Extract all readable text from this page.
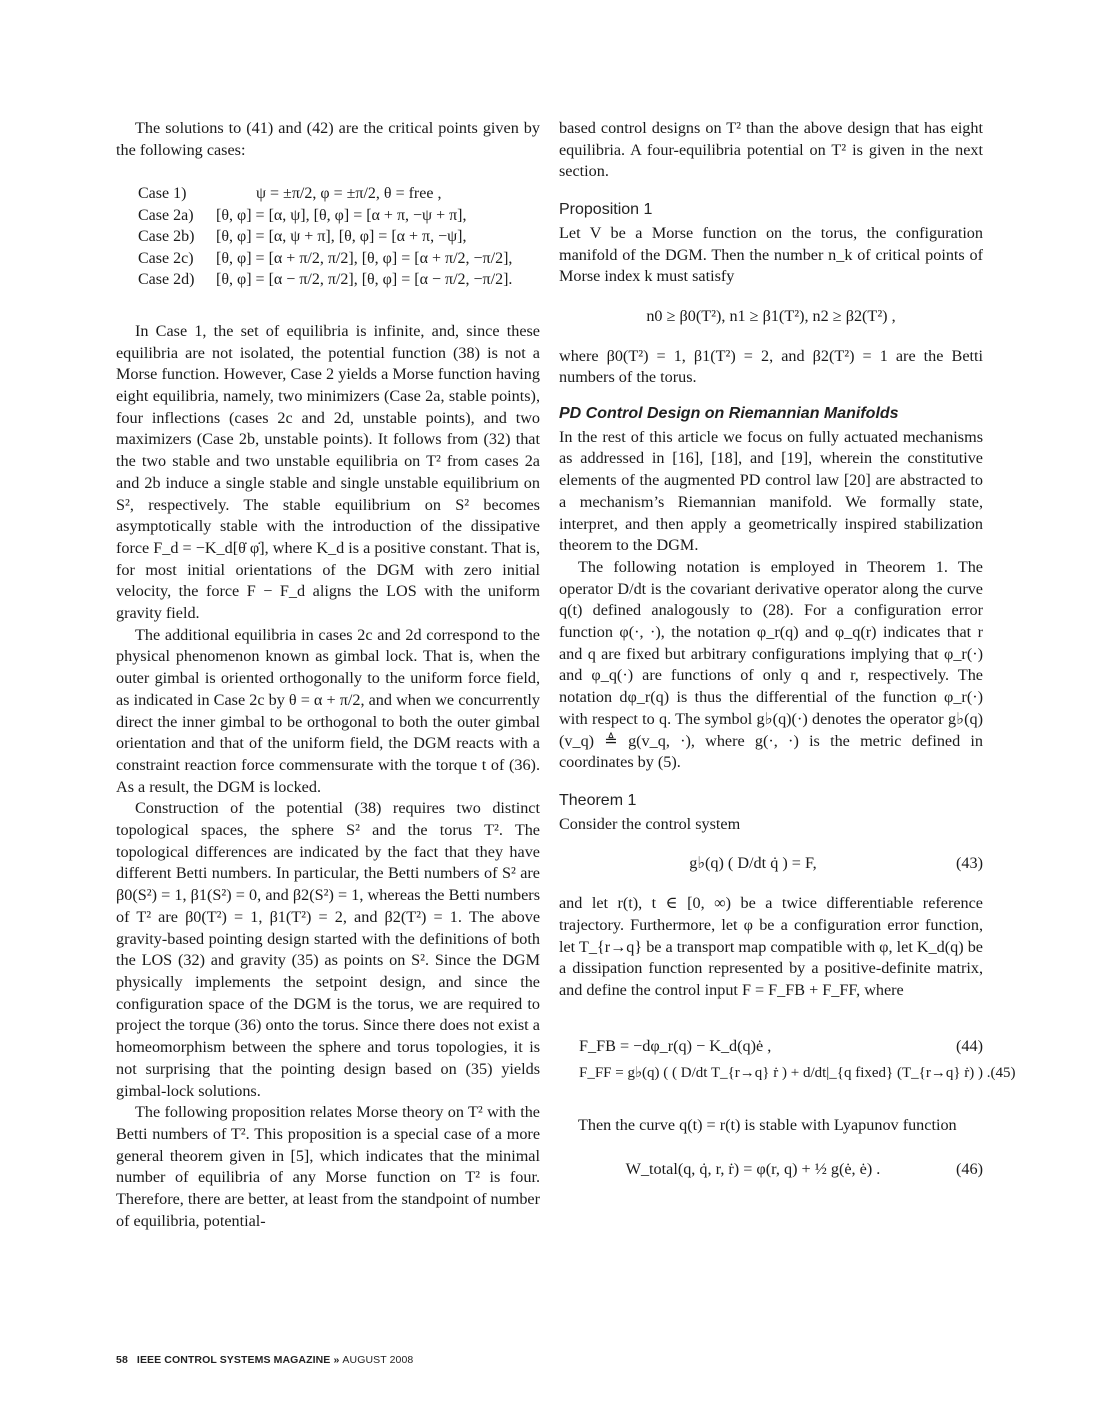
The solutions to (41) and (42) are the critical points given by the following cases:

Case 1)	ψ = ±π/2, φ = ±π/2, θ = free ,
Case 2a)	[θ, φ] = [α, ψ], [θ, φ] = [α + π, −ψ + π],
Case 2b)	[θ, φ] = [α, ψ + π], [θ, φ] = [α + π, −ψ],
Case 2c)	[θ, φ] = [α + π/2, π/2], [θ, φ] = [α + π/2, −π/2],
Case 2d)	[θ, φ] = [α − π/2, π/2], [θ, φ] = [α − π/2, −π/2].

In Case 1, the set of equilibria is infinite, and, since these equilibria are not isolated, the potential function (38) is not a Morse function. However, Case 2 yields a Morse function having eight equilibria, namely, two minimizers (Case 2a, stable points), four inflections (cases 2c and 2d, unstable points), and two maximizers (Case 2b, unstable points). It follows from (32) that the two stable and two unstable equilibria on T² from cases 2a and 2b induce a single stable and single unstable equilibrium on S², respectively. The stable equilibrium on S² becomes asymptotically stable with the introduction of the dissipative force F_d = −K_d[θ̇ φ̇], where K_d is a positive constant. That is, for most initial orientations of the DGM with zero initial velocity, the force F − F_d aligns the LOS with the uniform gravity field.

The additional equilibria in cases 2c and 2d correspond to the physical phenomenon known as gimbal lock. That is, when the outer gimbal is oriented orthogonally to the uniform force field, as indicated in Case 2c by θ = α + π/2, and when we concurrently direct the inner gimbal to be orthogonal to both the outer gimbal orientation and that of the uniform field, the DGM reacts with a constraint reaction force commensurate with the torque t of (36). As a result, the DGM is locked.

Construction of the potential (38) requires two distinct topological spaces, the sphere S² and the torus T². The topological differences are indicated by the fact that they have different Betti numbers. In particular, the Betti numbers of S² are β0(S²) = 1, β1(S²) = 0, and β2(S²) = 1, whereas the Betti numbers of T² are β0(T²) = 1, β1(T²) = 2, and β2(T²) = 1. The above gravity-based pointing design started with the definitions of both the LOS (32) and gravity (35) as points on S². Since the DGM physically implements the setpoint design, and since the configuration space of the DGM is the torus, we are required to project the torque (36) onto the torus. Since there does not exist a homeomorphism between the sphere and torus topologies, it is not surprising that the pointing design based on (35) yields gimbal-lock solutions.

The following proposition relates Morse theory on T² with the Betti numbers of T². This proposition is a special case of a more general theorem given in [5], which indicates that the minimal number of equilibria of any Morse function on T² is four. Therefore, there are better, at least from the standpoint of number of equilibria, potential-

based control designs on T² than the above design that has eight equilibria. A four-equilibria potential on T² is given in the next section.

Proposition 1

Let V be a Morse function on the torus, the configuration manifold of the DGM. Then the number n_k of critical points of Morse index k must satisfy

n0 ≥ β0(T²), n1 ≥ β1(T²), n2 ≥ β2(T²) ,

where β0(T²) = 1, β1(T²) = 2, and β2(T²) = 1 are the Betti numbers of the torus.

PD Control Design on Riemannian Manifolds

In the rest of this article we focus on fully actuated mechanisms as addressed in [16], [18], and [19], wherein the constitutive elements of the augmented PD control law [20] are abstracted to a mechanism’s Riemannian manifold. We formally state, interpret, and then apply a geometrically inspired stabilization theorem to the DGM.

The following notation is employed in Theorem 1. The operator D/dt is the covariant derivative operator along the curve q(t) defined analogously to (28). For a configuration error function φ(·, ·), the notation φ_r(q) and φ_q(r) indicates that r and q are fixed but arbitrary configurations implying that φ_r(·) and φ_q(·) are functions of only q and r, respectively. The notation dφ_r(q) is thus the differential of the function φ_r(·) with respect to q. The symbol g♭(q)(·) denotes the operator g♭(q)(v_q) ≜ g(v_q, ·), where g(·, ·) is the metric defined in coordinates by (5).

Theorem 1

Consider the control system

g♭(q) ( D/dt q̇ ) = F,	(43)

and let r(t), t ∈ [0, ∞) be a twice differentiable reference trajectory. Furthermore, let φ be a configuration error function, let T_{r→q} be a transport map compatible with φ, let K_d(q) be a dissipation function represented by a positive-definite matrix, and define the control input F = F_FB + F_FF, where

F_FB = −dφ_r(q) − K_d(q)ė ,	(44)
F_FF = g♭(q) ( ( D/dt T_{r→q} ṙ ) + d/dt|_{q fixed} (T_{r→q} ṙ) ) . (45)

Then the curve q(t) = r(t) is stable with Lyapunov function

W_total(q, q̇, r, ṙ) = φ(r, q) + ½ g(ė, ė) .	(46)
58 IEEE CONTROL SYSTEMS MAGAZINE » AUGUST 2008
